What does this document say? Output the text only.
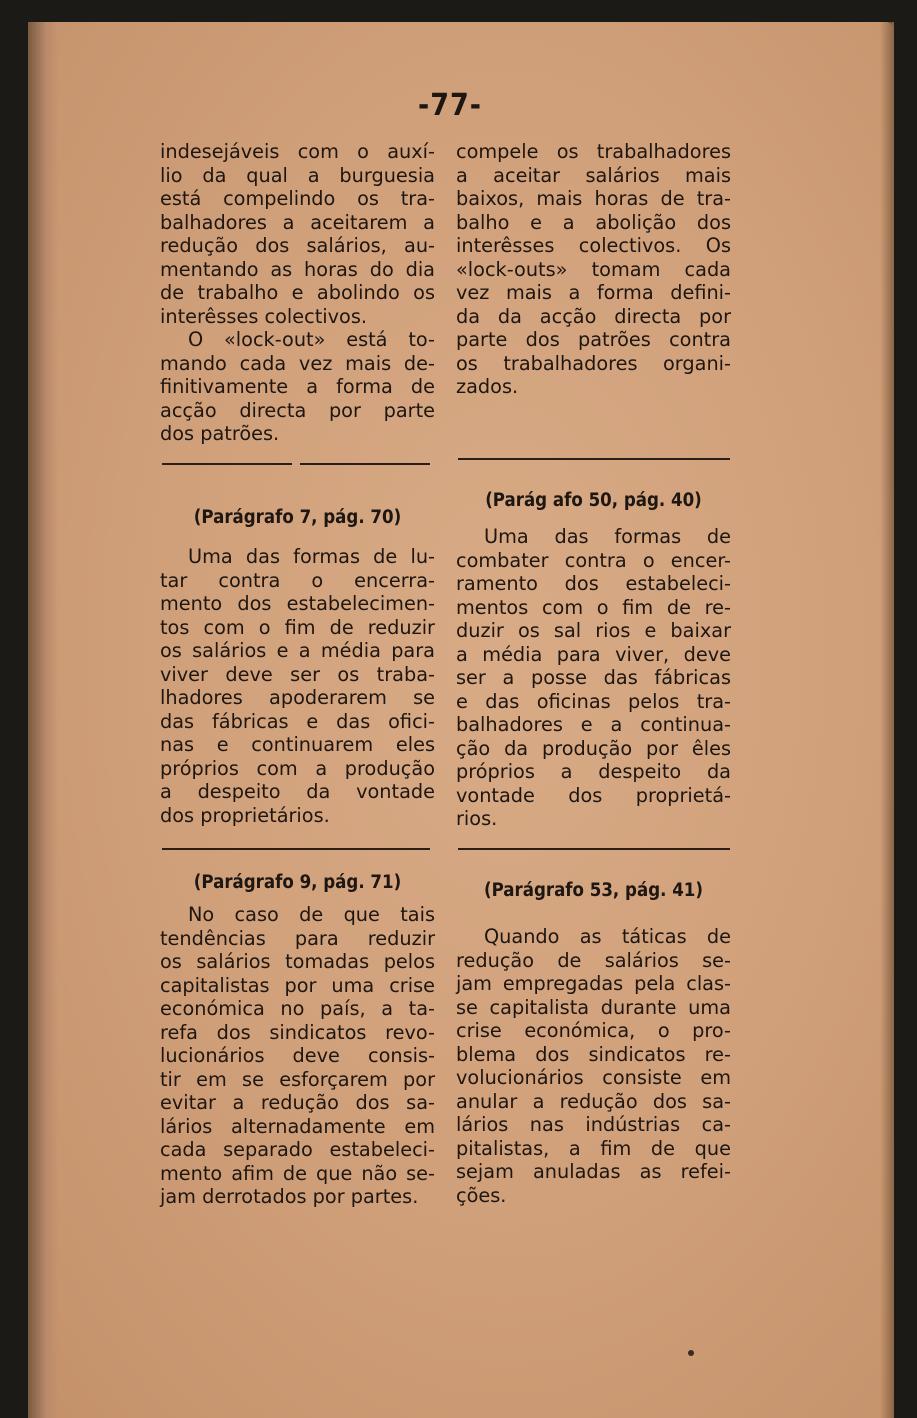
-77-
indesejáveis com o auxí-
lio da qual a burguesia
está compelindo os tra-
balhadores a aceitarem a
redução dos salários, au-
mentando as horas do dia
de trabalho e abolindo os
interêsses colectivos.
O «lock-out» está to-
mando cada vez mais de-
finitivamente a forma de
acção directa por parte
dos patrões.
(Parágrafo 7, pág. 70)
Uma das formas de lu-
tar contra o encerra-
mento dos estabelecimen-
tos com o fim de reduzir
os salários e a média para
viver deve ser os traba-
lhadores apoderarem se
das fábricas e das ofici-
nas e continuarem eles
próprios com a produção
a despeito da vontade
dos proprietários.
(Parágrafo 9, pág. 71)
No caso de que tais
tendências para reduzir
os salários tomadas pelos
capitalistas por uma crise
económica no país, a ta-
refa dos sindicatos revo-
lucionários deve consis-
tir em se esforçarem por
evitar a redução dos sa-
lários alternadamente em
cada separado estabeleci-
mento afim de que não se-
jam derrotados por partes.
compele os trabalhadores
a aceitar salários mais
baixos, mais horas de tra-
balho e a abolição dos
interêsses colectivos. Os
«lock-outs» tomam cada
vez mais a forma defini-
da da acção directa por
parte dos patrões contra
os trabalhadores organi-
zados.
(Parág afo 50, pág. 40)
Uma das formas de
combater contra o encer-
ramento dos estabeleci-
mentos com o fim de re-
duzir os sal rios e baixar
a média para viver, deve
ser a posse das fábricas
e das oficinas pelos tra-
balhadores e a continua-
ção da produção por êles
próprios a despeito da
vontade dos proprietá-
rios.
(Parágrafo 53, pág. 41)
Quando as táticas de
redução de salários se-
jam empregadas pela clas-
se capitalista durante uma
crise económica, o pro-
blema dos sindicatos re-
volucionários consiste em
anular a redução dos sa-
lários nas indústrias ca-
pitalistas, a fim de que
sejam anuladas as refei-
ções.
